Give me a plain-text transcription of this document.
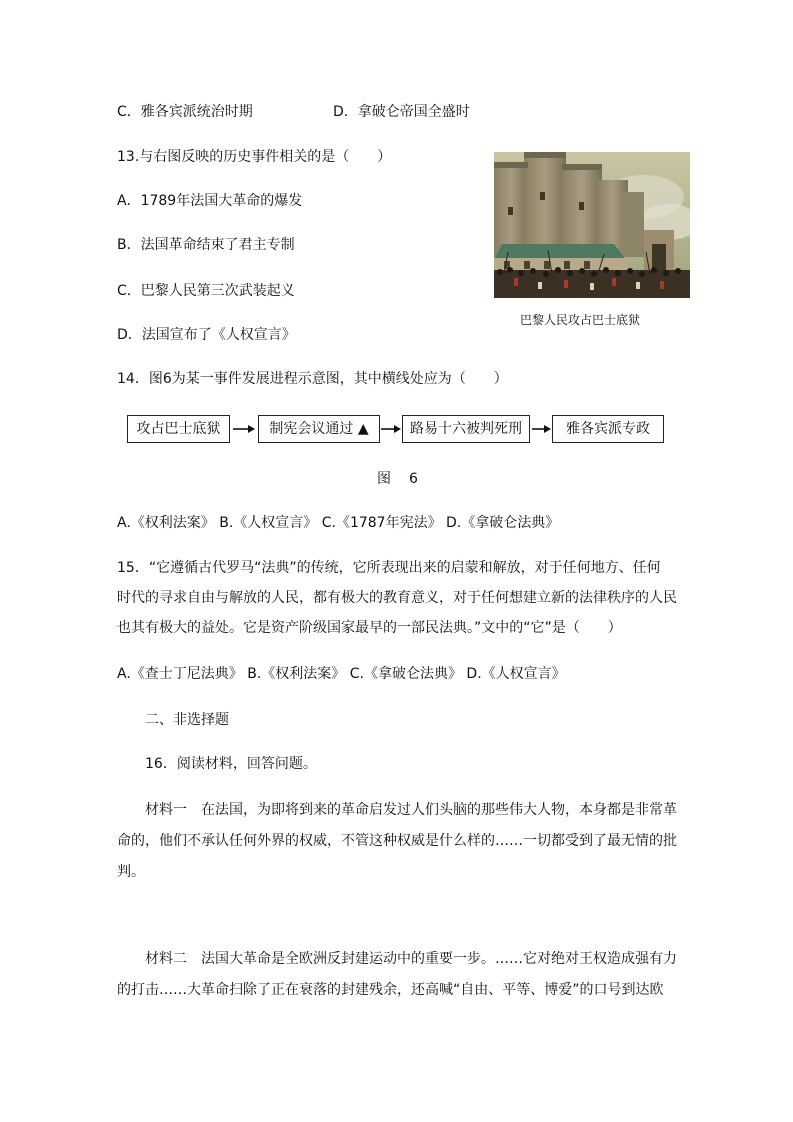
C．雅各宾派统治时期	D．拿破仑帝国全盛时
13.与右图反映的历史事件相关的是（　　）
A．1789年法国大革命的爆发
B．法国革命结束了君主专制
C．巴黎人民第三次武装起义
D．法国宣布了《人权宣言》
巴黎人民攻占巴士底狱
14．图6为某一事件发展进程示意图，其中横线处应为（　　）
攻占巴士底狱	制宪会议通过 ▲	路易十六被判死刑	雅各宾派专政
图　6
A.《权利法案》 B.《人权宣言》 C.《1787年宪法》 D.《拿破仑法典》
15．“它遵循古代罗马“法典”的传统，它所表现出来的启蒙和解放，对于任何地方、任何
时代的寻求自由与解放的人民，都有极大的教育意义，对于任何想建立新的法律秩序的人民
也其有极大的益处。它是资产阶级国家最早的一部民法典。”文中的“它”是（　　）
A.《查士丁尼法典》 B.《权利法案》 C.《拿破仑法典》 D.《人权宣言》
二、非选择题
16．阅读材料，回答问题。
材料一　在法国，为即将到来的革命启发过人们头脑的那些伟大人物，本身都是非常革命的，他们不承认任何外界的权威，不管这种权威是什么样的……一切都受到了最无情的批判。
材料二　法国大革命是全欧洲反封建运动中的重要一步。……它对绝对王权造成强有力的打击……大革命扫除了正在衰落的封建残余，还高喊“自由、平等、博爱”的口号到达欧
